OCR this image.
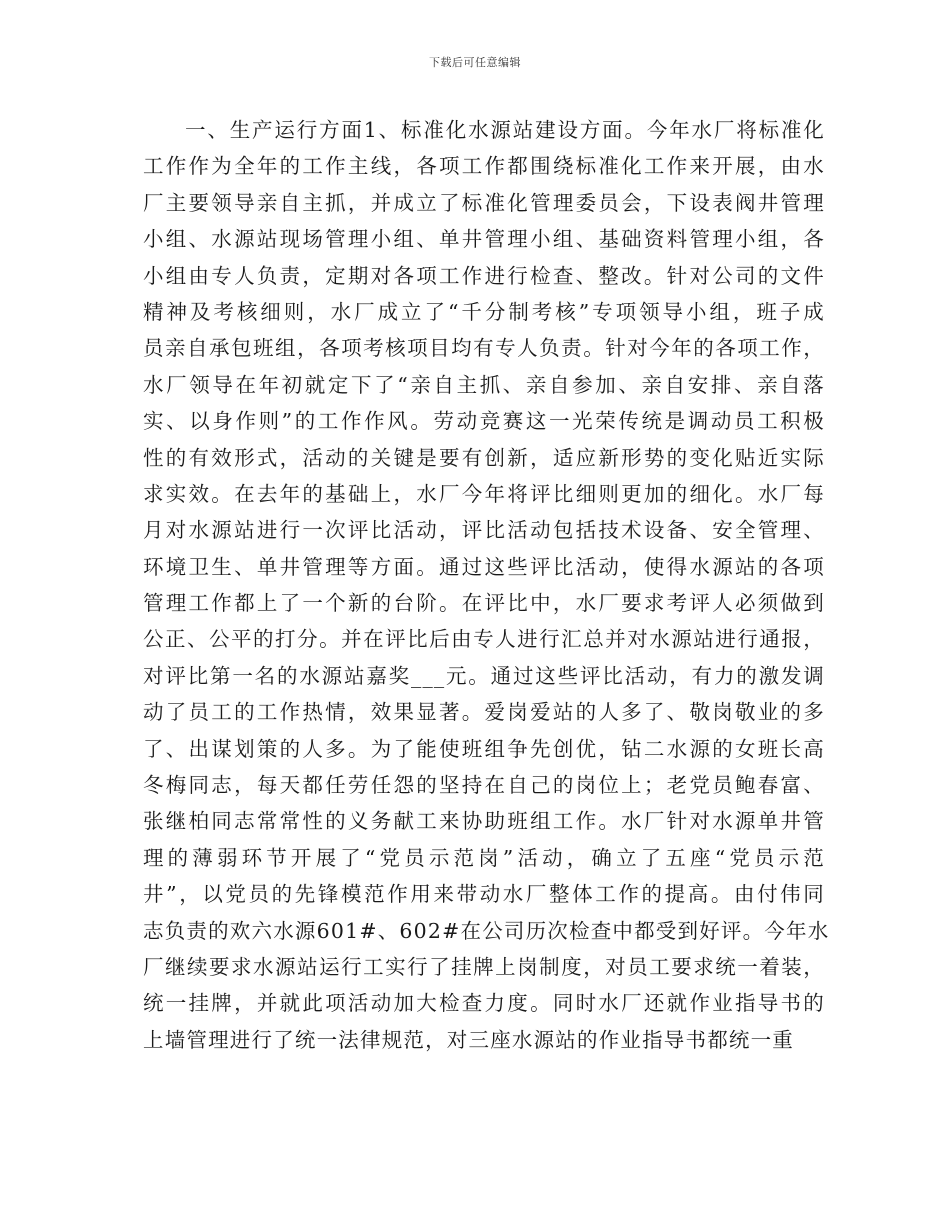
下载后可任意编辑
一、生产运行方面1、标准化水源站建设方面。今年水厂将标准化
工作作为全年的工作主线，各项工作都围绕标准化工作来开展，由水
厂主要领导亲自主抓，并成立了标准化管理委员会，下设表阀井管理
小组、水源站现场管理小组、单井管理小组、基础资料管理小组，各
小组由专人负责，定期对各项工作进行检查、整改。针对公司的文件
精神及考核细则，水厂成立了“千分制考核”专项领导小组，班子成
员亲自承包班组，各项考核项目均有专人负责。针对今年的各项工作，
水厂领导在年初就定下了“亲自主抓、亲自参加、亲自安排、亲自落
实、以身作则”的工作作风。劳动竞赛这一光荣传统是调动员工积极
性的有效形式，活动的关键是要有创新，适应新形势的变化贴近实际
求实效。在去年的基础上，水厂今年将评比细则更加的细化。水厂每
月对水源站进行一次评比活动，评比活动包括技术设备、安全管理、
环境卫生、单井管理等方面。通过这些评比活动，使得水源站的各项
管理工作都上了一个新的台阶。在评比中，水厂要求考评人必须做到
公正、公平的打分。并在评比后由专人进行汇总并对水源站进行通报，
对评比第一名的水源站嘉奖___元。通过这些评比活动，有力的激发调
动了员工的工作热情，效果显著。爱岗爱站的人多了、敬岗敬业的多
了、出谋划策的人多。为了能使班组争先创优，钻二水源的女班长高
冬梅同志，每天都任劳任怨的坚持在自己的岗位上；老党员鲍春富、
张继柏同志常常性的义务献工来协助班组工作。水厂针对水源单井管
理的薄弱环节开展了“党员示范岗”活动，确立了五座“党员示范
井”，以党员的先锋模范作用来带动水厂整体工作的提高。由付伟同
志负责的欢六水源601#、602#在公司历次检查中都受到好评。今年水
厂继续要求水源站运行工实行了挂牌上岗制度，对员工要求统一着装，
统一挂牌，并就此项活动加大检查力度。同时水厂还就作业指导书的
上墙管理进行了统一法律规范，对三座水源站的作业指导书都统一重
